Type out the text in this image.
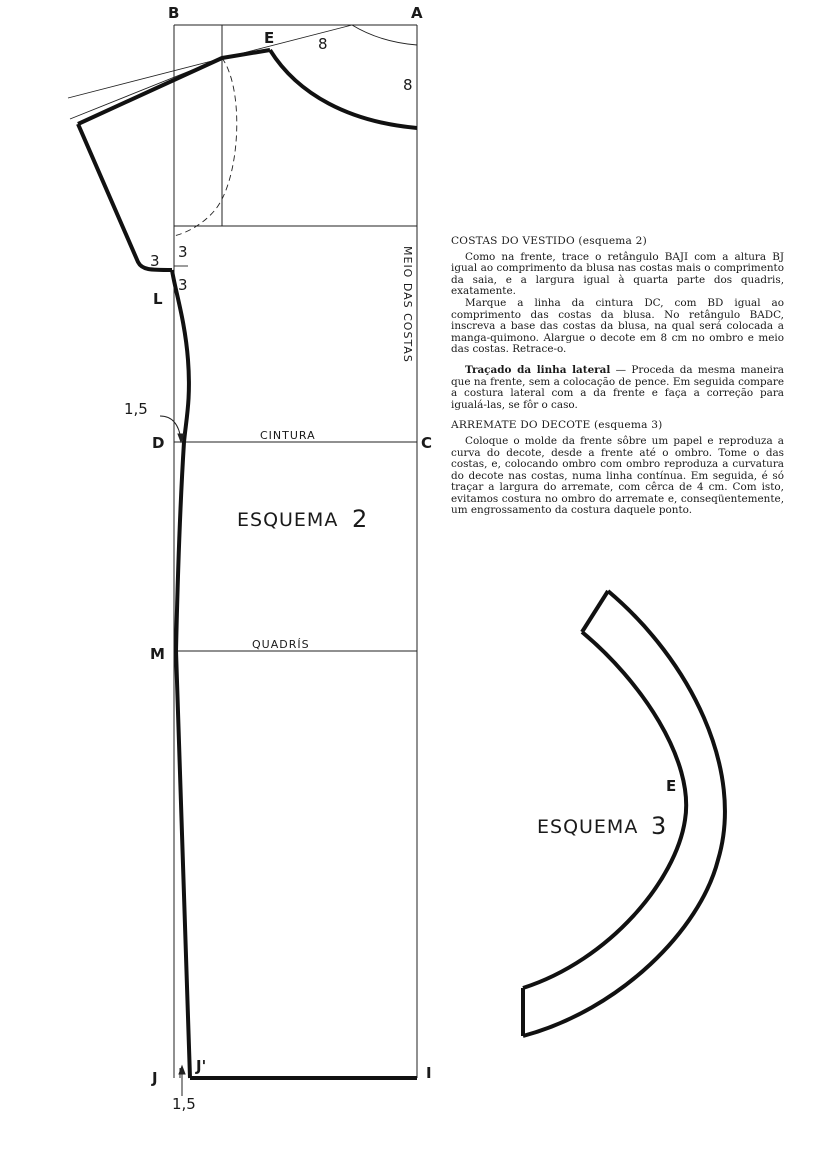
B	A
E
L
D	C
M
J
J'	I
8
8
3
3
3
1,5
1,5
CINTURA
QUADRÍS
MEIO DAS COSTAS
ESQUEMA 2
E
ESQUEMA 3
COSTAS DO VESTIDO (esquema 2)

Como na frente, trace o retângulo BAJI com a altura BJ igual ao comprimento da blusa nas costas mais o comprimento da saia, e a largura igual à quarta parte dos quadris, exatamente.

Marque a linha da cintura DC, com BD igual ao comprimento das costas da blusa. No retângulo BADC, inscreva a base das costas da blusa, na qual será colocada a manga-quimono. Alargue o decote em 8 cm no ombro e meio das costas. Retrace-o.

Traçado da linha lateral — Proceda da mesma maneira que na frente, sem a colocação de pence. Em seguida compare a costura lateral com a da frente e faça a correção para igualá-las, se fôr o caso.

ARREMATE DO DECOTE (esquema 3)

Coloque o molde da frente sôbre um papel e reproduza a curva do decote, desde a frente até o ombro. Tome o das costas, e, colocando ombro com ombro reproduza a curvatura do decote nas costas, numa linha contínua. Em seguida, é só traçar a largura do arremate, com cêrca de 4 cm. Com isto, evitamos costura no ombro do arremate e, conseqüentemente, um engrossamento da costura daquele ponto.
